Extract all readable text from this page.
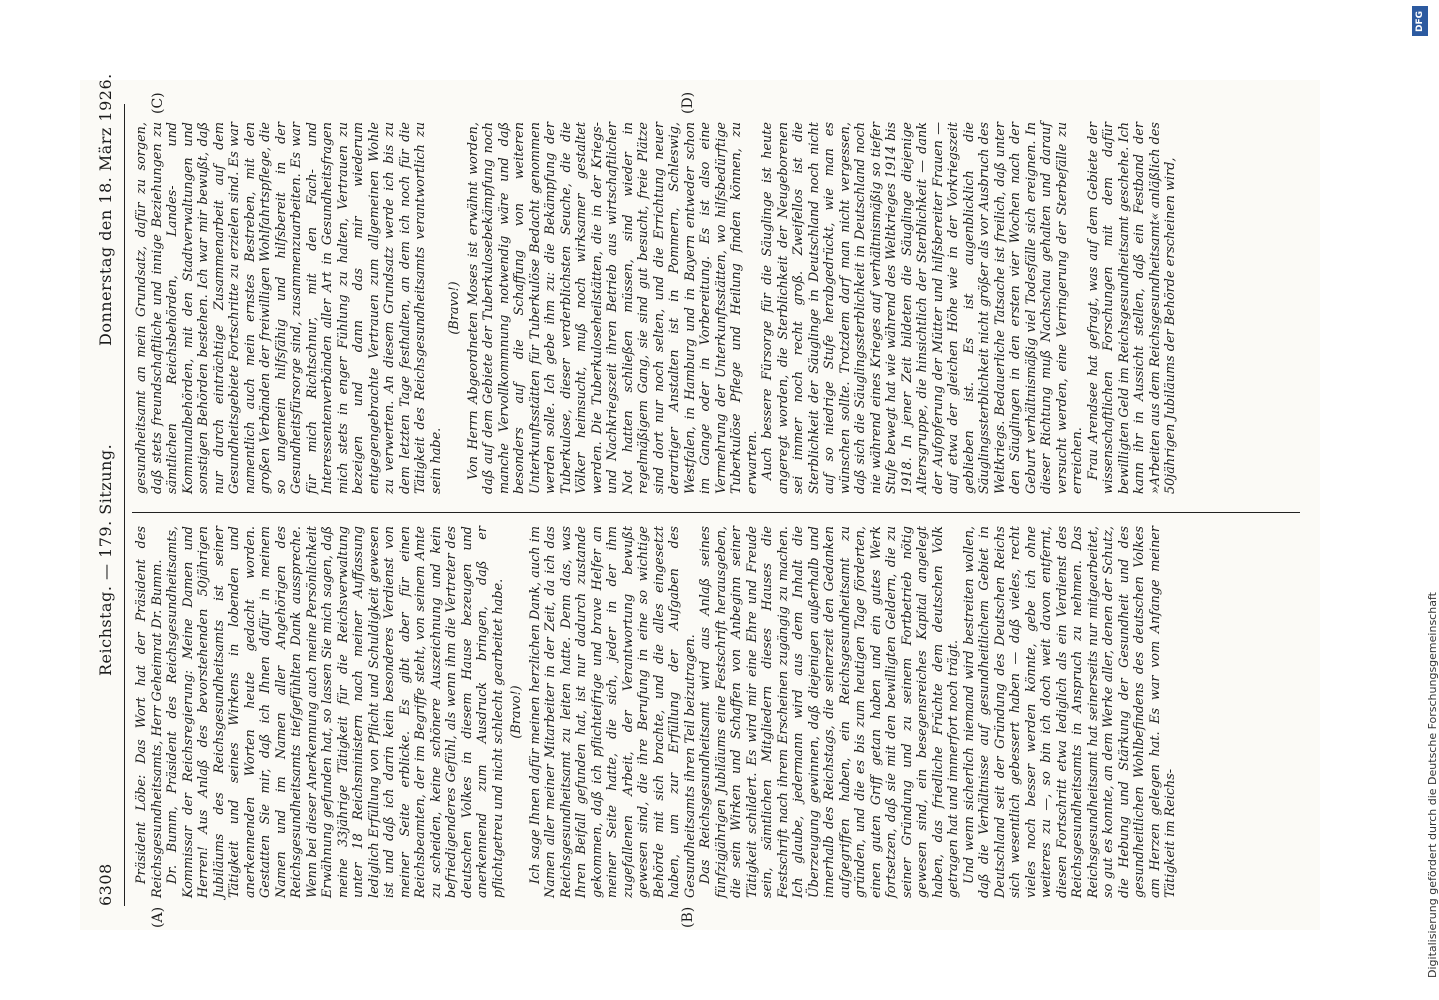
6308
Reichstag. — 179. Sitzung.
Donnerstag den 18. März 1926.
(A)	(B)
(C)	(D)

Präsident Löbe: Das Wort hat der Präsident des Reichsgesundheitsamts, Herr Geheimrat Dr. Bumm. Dr. Bumm, Präsident des Reichsgesundheitsamts, Kommissar der Reichsregierung: Meine Damen und Herren! Aus Anlaß des bevorstehenden 50jährigen Jubiläums des Reichsgesundheitsamts ist seiner Tätigkeit und seines Wirkens in lobenden und anerkennenden Worten heute gedacht worden. Gestatten Sie mir, daß ich Ihnen dafür in meinem Namen und im Namen aller Angehörigen des Reichsgesundheitsamts tiefgefühlten Dank ausspreche. Wenn bei dieser Anerkennung auch meine Persönlichkeit Erwähnung gefunden hat, so lassen Sie mich sagen, daß meine 33jährige Tätigkeit für die Reichsverwaltung unter 18 Reichsministern nach meiner Auffassung lediglich Erfüllung von Pflicht und Schuldigkeit gewesen ist und daß ich darin kein besonderes Verdienst von meiner Seite erblicke. Es gibt aber für einen Reichsbeamten, der im Begriffe steht, von seinem Amte zu scheiden, keine schönere Auszeichnung und kein befriedigenderes Gefühl, als wenn ihm die Vertreter des deutschen Volkes in diesem Hause bezeugen und anerkennend zum Ausdruck bringen, daß er pflichtgetreu und nicht schlecht gearbeitet habe. (Bravo!) Ich sage Ihnen dafür meinen herzlichen Dank, auch im Namen aller meiner Mitarbeiter in der Zeit, da ich das Reichsgesundheitsamt zu leiten hatte. Denn das, was Ihren Beifall gefunden hat, ist nur dadurch zustande gekommen, daß ich pflichteifrige und brave Helfer an meiner Seite hatte, die sich, jeder in der ihm zugefallenen Arbeit, der Verantwortung bewußt gewesen sind, die ihre Berufung in eine so wichtige Behörde mit sich brachte, und die alles eingesetzt haben, um zur Erfüllung der Aufgaben des Gesundheitsamts ihren Teil beizutragen. Das Reichsgesundheitsamt wird aus Anlaß seines fünfzigjährigen Jubiläums eine Festschrift herausgeben, die sein Wirken und Schaffen von Anbeginn seiner Tätigkeit schildert. Es wird mir eine Ehre und Freude sein, sämtlichen Mitgliedern dieses Hauses die Festschrift nach ihrem Erscheinen zugängig zu machen. Ich glaube, jedermann wird aus dem Inhalt die Überzeugung gewinnen, daß diejenigen außerhalb und innerhalb des Reichstags, die seinerzeit den Gedanken aufgegriffen haben, ein Reichsgesundheitsamt zu gründen, und die es bis zum heutigen Tage förderten, einen guten Griff getan haben und ein gutes Werk fortsetzen, daß sie mit den bewilligten Geldern, die zu seiner Gründung und zu seinem Fortbetrieb nötig gewesen sind, ein besegensreiches Kapital angelegt haben, das friedliche Früchte dem deutschen Volk getragen hat und immerfort noch trägt. Und wenn sicherlich niemand wird bestreiten wollen, daß die Verhältnisse auf gesundheitlichem Gebiet in Deutschland seit der Gründung des Deutschen Reichs sich wesentlich gebessert haben — daß vieles, recht vieles noch besser werden könnte, gebe ich ohne weiteres zu —, so bin ich doch weit davon entfernt, diesen Fortschritt etwa lediglich als ein Verdienst des Reichsgesundheitsamts in Anspruch zu nehmen. Das Reichsgesundheitsamt hat seinerseits nur mitgearbeitet, so gut es konnte, an dem Werke aller, denen der Schutz, die Hebung und Stärkung der Gesundheit und des gesundheitlichen Wohlbefindens des deutschen Volkes am Herzen gelegen hat. Es war vom Anfange meiner Tätigkeit im Reichs-

gesundheitsamt an mein Grundsatz, dafür zu sorgen, daß stets freundschaftliche und innige Beziehungen zu sämtlichen Reichsbehörden, Landes- und Kommunalbehörden, mit den Stadtverwaltungen und sonstigen Behörden bestehen. Ich war mir bewußt, daß nur durch einträchtige Zusammenarbeit auf dem Gesundheitsgebiete Fortschritte zu erzielen sind. Es war namentlich auch mein ernstes Bestreben, mit den großen Verbänden der freiwilligen Wohlfahrtspflege, die so ungemein hilfsfähig und hilfsbereit in der Gesundheitsfürsorge sind, zusammenzuarbeiten. Es war für mich Richtschnur, mit den Fach- und Interessentenverbänden aller Art in Gesundheitsfragen mich stets in enger Fühlung zu halten, Vertrauen zu bezeigen und dann das mir wiederum entgegengebrachte Vertrauen zum allgemeinen Wohle zu verwerten. An diesem Grundsatz werde ich bis zu dem letzten Tage festhalten, an dem ich noch für die Tätigkeit des Reichsgesundheitsamts verantwortlich zu sein habe.

(Bravo!) Von Herrn Abgeordneten Moses ist erwähnt worden, daß auf dem Gebiete der Tuberkulosebekämpfung noch manche Vervollkommnung notwendig wäre und daß besonders auf die Schaffung von weiteren Unterkunftsstätten für Tuberkulöse Bedacht genommen werden solle. Ich gebe ihm zu: die Bekämpfung der Tuberkulose, dieser verderblichsten Seuche, die die Völker heimsucht, muß noch wirksamer gestaltet werden. Die Tuberkuloseheilstätten, die in der Kriegs- und Nachkriegszeit ihren Betrieb aus wirtschaftlicher Not hatten schließen müssen, sind wieder in regelmäßigem Gang, sie sind gut besucht, freie Plätze sind dort nur noch selten, und die Errichtung neuer derartiger Anstalten ist in Pommern, Schleswig, Westfalen, in Hamburg und in Bayern entweder schon im Gange oder in Vorbereitung. Es ist also eine Vermehrung der Unterkunftsstätten, wo hilfsbedürftige Tuberkulöse Pflege und Heilung finden können, zu erwarten. Auch bessere Fürsorge für die Säuglinge ist heute angeregt worden, die Sterblichkeit der Neugeborenen sei immer noch recht groß. Zweifellos ist die Sterblichkeit der Säuglinge in Deutschland noch nicht auf so niedrige Stufe herabgedrückt, wie man es wünschen sollte. Trotzdem darf man nicht vergessen, daß sich die Säuglingssterblichkeit in Deutschland noch nie während eines Krieges auf verhältnismäßig so tiefer Stufe bewegt hat wie während des Weltkrieges 1914 bis 1918. In jener Zeit bildeten die Säuglinge diejenige Altersgruppe, die hinsichtlich der Sterblichkeit — dank der Aufopferung der Mütter und hilfsbereiter Frauen — auf etwa der gleichen Höhe wie in der Vorkriegszeit geblieben ist. Es ist augenblicklich die Säuglingssterblichkeit nicht größer als vor Ausbruch des Weltkriegs. Bedauerliche Tatsache ist freilich, daß unter den Säuglingen in den ersten vier Wochen nach der Geburt verhältnismäßig viel Todesfälle sich ereignen. In dieser Richtung muß Nachschau gehalten und darauf versucht werden, eine Verringerung der Sterbefälle zu erreichen. Frau Arendsee hat gefragt, was auf dem Gebiete der wissenschaftlichen Forschungen mit dem dafür bewilligten Geld im Reichsgesundheitsamt geschehe. Ich kann ihr in Aussicht stellen, daß ein Festband der »Arbeiten aus dem Reichsgesundheitsamt« anläßlich des 50jährigen Jubiläums der Behörde erscheinen wird,

DFG
Digitalisierung gefördert durch die Deutsche Forschungsgemeinschaft
